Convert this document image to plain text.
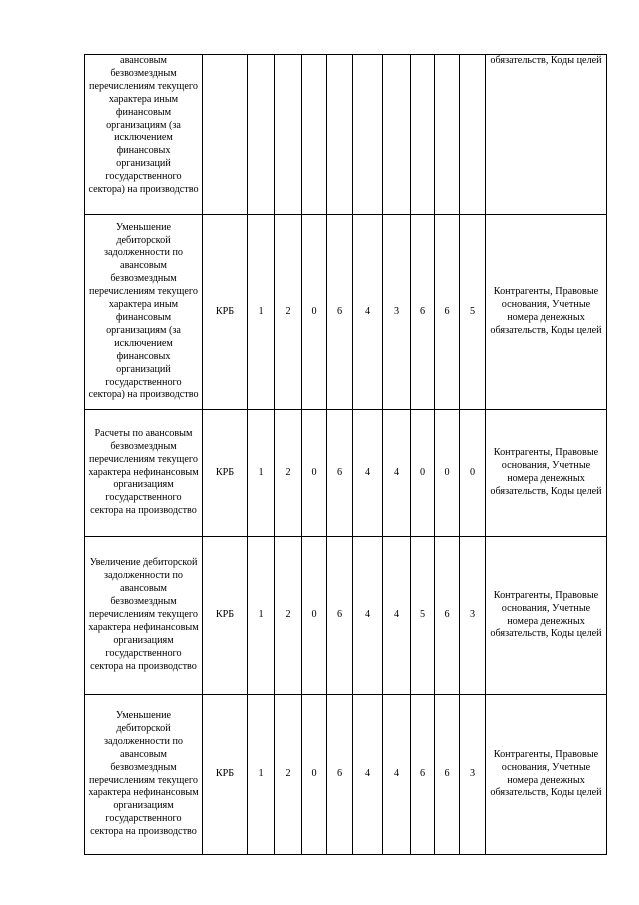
авансовым безвозмездным перечислениям текущего характера иным финансовым организациям (за исключением финансовых организаций государственного сектора) на производство											обязательств, Коды целей

Уменьшение дебиторской задолженности по авансовым безвозмездным перечислениям текущего характера иным финансовым организациям (за исключением финансовых организаций государственного сектора) на производство	КРБ	1	2	0	6	4	3	6	6	5	Контрагенты, Правовые основания, Учетные номера денежных обязательств, Коды целей

Расчеты по авансовым безвозмездным перечислениям текущего характера нефинансовым организациям государственного сектора на производство	КРБ	1	2	0	6	4	4	0	0	0	Контрагенты, Правовые основания, Учетные номера денежных обязательств, Коды целей

Увеличение дебиторской задолженности по авансовым безвозмездным перечислениям текущего характера нефинансовым организациям государственного сектора на производство	КРБ	1	2	0	6	4	4	5	6	3	Контрагенты, Правовые основания, Учетные номера денежных обязательств, Коды целей

Уменьшение дебиторской задолженности по авансовым безвозмездным перечислениям текущего характера нефинансовым организациям государственного сектора на производство	КРБ	1	2	0	6	4	4	6	6	3	Контрагенты, Правовые основания, Учетные номера денежных обязательств, Коды целей
